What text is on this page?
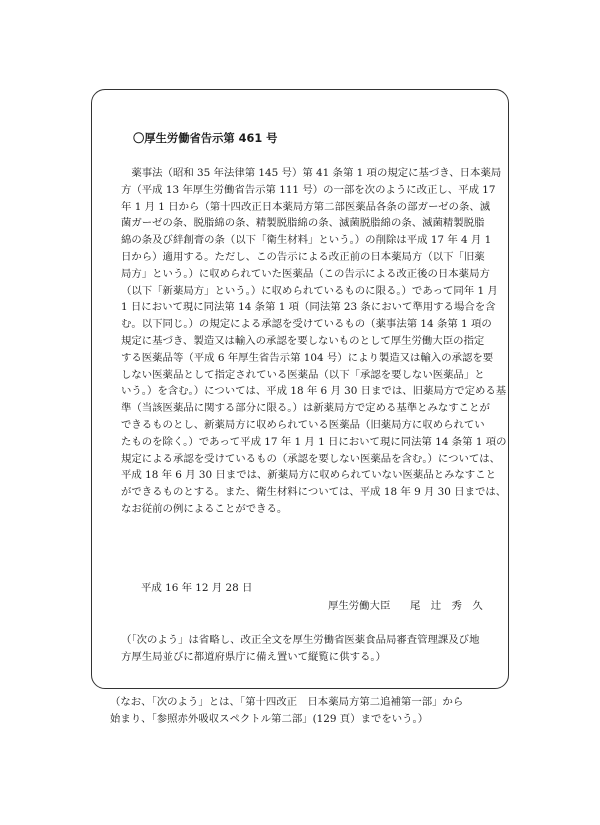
〇厚生労働省告示第 461 号

　薬事法（昭和 35 年法律第 145 号）第 41 条第 1 項の規定に基づき、日本薬局
方（平成 13 年厚生労働省告示第 111 号）の一部を次のように改正し、平成 17
年 1 月 1 日から（第十四改正日本薬局方第二部医薬品各条の部ガーゼの条、滅
菌ガーゼの条、脱脂綿の条、精製脱脂綿の条、滅菌脱脂綿の条、滅菌精製脱脂
綿の条及び絆創膏の条（以下「衛生材料」という。）の削除は平成 17 年 4 月 1
日から）適用する。ただし、この告示による改正前の日本薬局方（以下「旧薬
局方」という。）に収められていた医薬品（この告示による改正後の日本薬局方
（以下「新薬局方」という。）に収められているものに限る。）であって同年 1 月
1 日において現に同法第 14 条第 1 項（同法第 23 条において準用する場合を含
む。以下同じ。）の規定による承認を受けているもの（薬事法第 14 条第 1 項の
規定に基づき、製造又は輸入の承認を要しないものとして厚生労働大臣の指定
する医薬品等（平成 6 年厚生省告示第 104 号）により製造又は輸入の承認を要
しない医薬品として指定されている医薬品（以下「承認を要しない医薬品」と
いう。）を含む。）については、平成 18 年 6 月 30 日までは、旧薬局方で定める基
準（当該医薬品に関する部分に限る。）は新薬局方で定める基準とみなすことが
できるものとし、新薬局方に収められている医薬品（旧薬局方に収められてい
たものを除く。）であって平成 17 年 1 月 1 日において現に同法第 14 条第 1 項の
規定による承認を受けているもの（承認を要しない医薬品を含む。）については、
平成 18 年 6 月 30 日までは、新薬局方に収められていない医薬品とみなすこと
ができるものとする。また、衛生材料については、平成 18 年 9 月 30 日までは、
なお従前の例によることができる。

平成 16 年 12 月 28 日

厚生労働大臣 尾　辻　秀　久

（「次のよう」は省略し、改正全文を厚生労働省医薬食品局審査管理課及び地
方厚生局並びに都道府県庁に備え置いて縦覧に供する。）

（なお、「次のよう」とは、「第十四改正　日本薬局方第二追補第一部」から
始まり、「参照赤外吸収スペクトル第二部」(129 頁）までをいう。）
